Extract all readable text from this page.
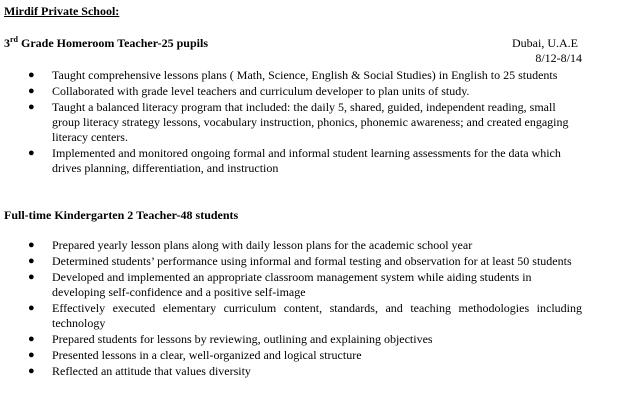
Mirdif Private School:
3rd Grade Homeroom Teacher-25 pupils	Dubai, U.A.E
8/12-8/14
● Taught comprehensive lessons plans ( Math, Science, English & Social Studies) in English to 25 students
● Collaborated with grade level teachers and curriculum developer to plan units of study.
● Taught a balanced literacy program that included: the daily 5, shared, guided, independent reading, small group literacy strategy lessons, vocabulary instruction, phonics, phonemic awareness; and created engaging literacy centers.
● Implemented and monitored ongoing formal and informal student learning assessments for the data which drives planning, differentiation, and instruction
Full-time Kindergarten 2 Teacher-48 students
● Prepared yearly lesson plans along with daily lesson plans for the academic school year
● Determined students’ performance using informal and formal testing and observation for at least 50 students
● Developed and implemented an appropriate classroom management system while aiding students in developing self-confidence and a positive self-image
● Effectively executed elementary curriculum content, standards, and teaching methodologies including technology
● Prepared students for lessons by reviewing, outlining and explaining objectives
● Presented lessons in a clear, well-organized and logical structure
● Reflected an attitude that values diversity
